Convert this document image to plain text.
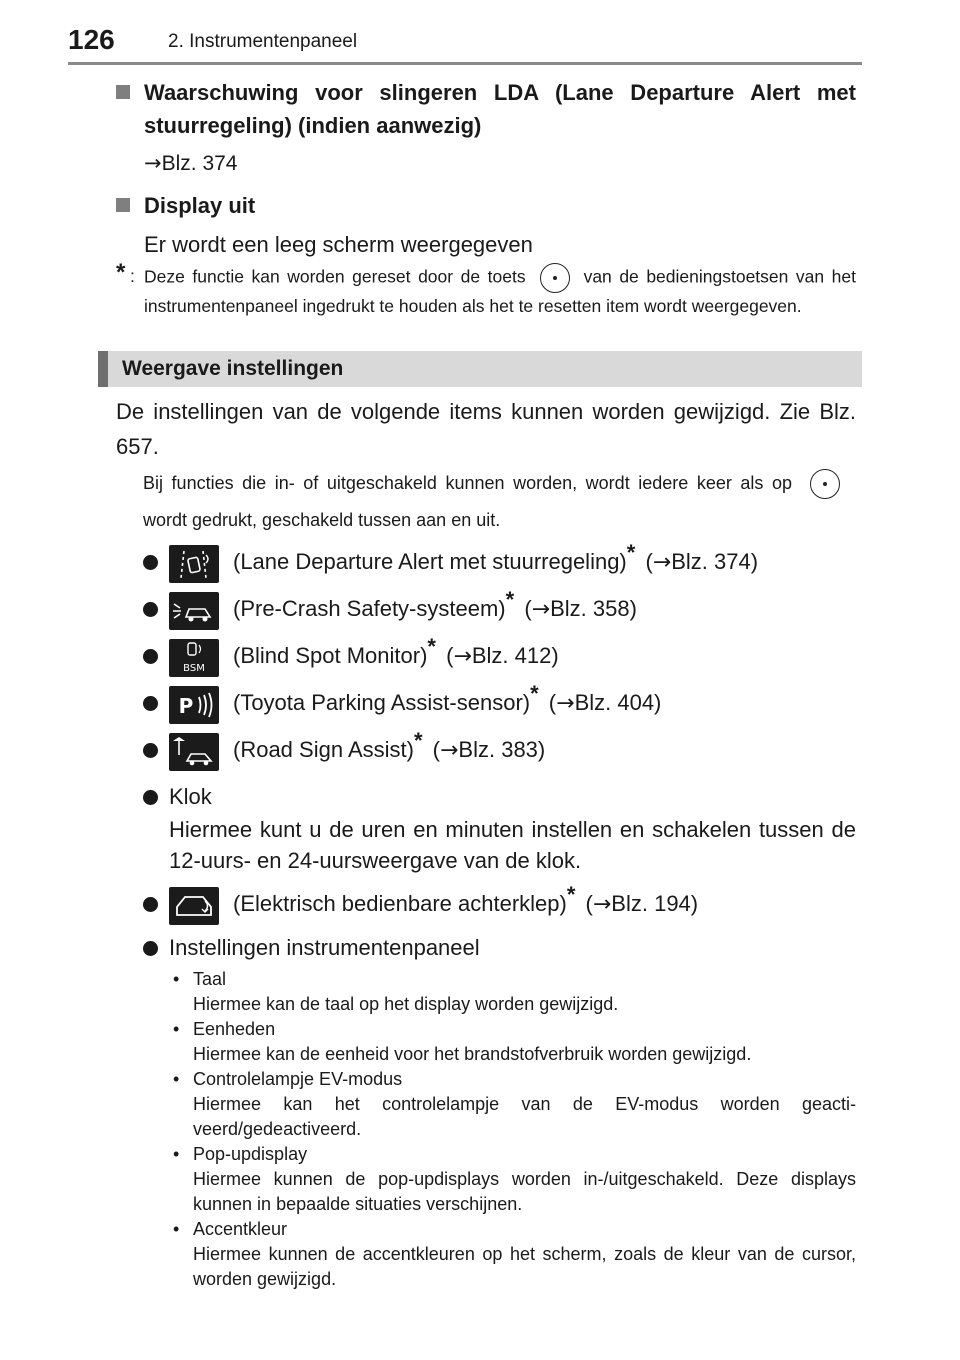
126	2. Instrumentenpaneel
Waarschuwing voor slingeren LDA (Lane Departure Alert met stuurregeling) (indien aanwezig)
→Blz. 374
Display uit
Er wordt een leeg scherm weergegeven
* : Deze functie kan worden gereset door de toets	van de bedieningstoetsen van het instrumentenpaneel ingedrukt te houden als het te resetten item wordt weergegeven.
Weergave instellingen
De instellingen van de volgende items kunnen worden gewijzigd. Zie Blz. 657.
Bij functies die in- of uitgeschakeld kunnen worden, wordt iedere keer als opwordt gedrukt, geschakeld tussen aan en uit.
(Lane Departure Alert met stuurregeling)* (→Blz. 374)
(Pre-Crash Safety-systeem)* (→Blz. 358)
BSM
(Blind Spot Monitor)* (→Blz. 412)
P (Toyota Parking Assist-sensor)* (→Blz. 404)
(Road Sign Assist)* (→Blz. 383)
Klok
Hiermee kunt u de uren en minuten instellen en schakelen tussen de 12-uurs- en 24-uursweergave van de klok.
(Elektrisch bedienbare achterklep)* (→Blz. 194)
Instellingen instrumentenpaneel
• Taal
Hiermee kan de taal op het display worden gewijzigd.
• Eenheden
Hiermee kan de eenheid voor het brandstofverbruik worden gewijzigd.
• Controlelampje EV-modus
Hiermee kan het controlelampje van de EV-modus worden geactiveerd/gedeactiveerd.
• Pop-updisplay
Hiermee kunnen de pop-updisplays worden in-/uitgeschakeld. Deze displays kunnen in bepaalde situaties verschijnen.
• Accentkleur
Hiermee kunnen de accentkleuren op het scherm, zoals de kleur van de cursor, worden gewijzigd.
